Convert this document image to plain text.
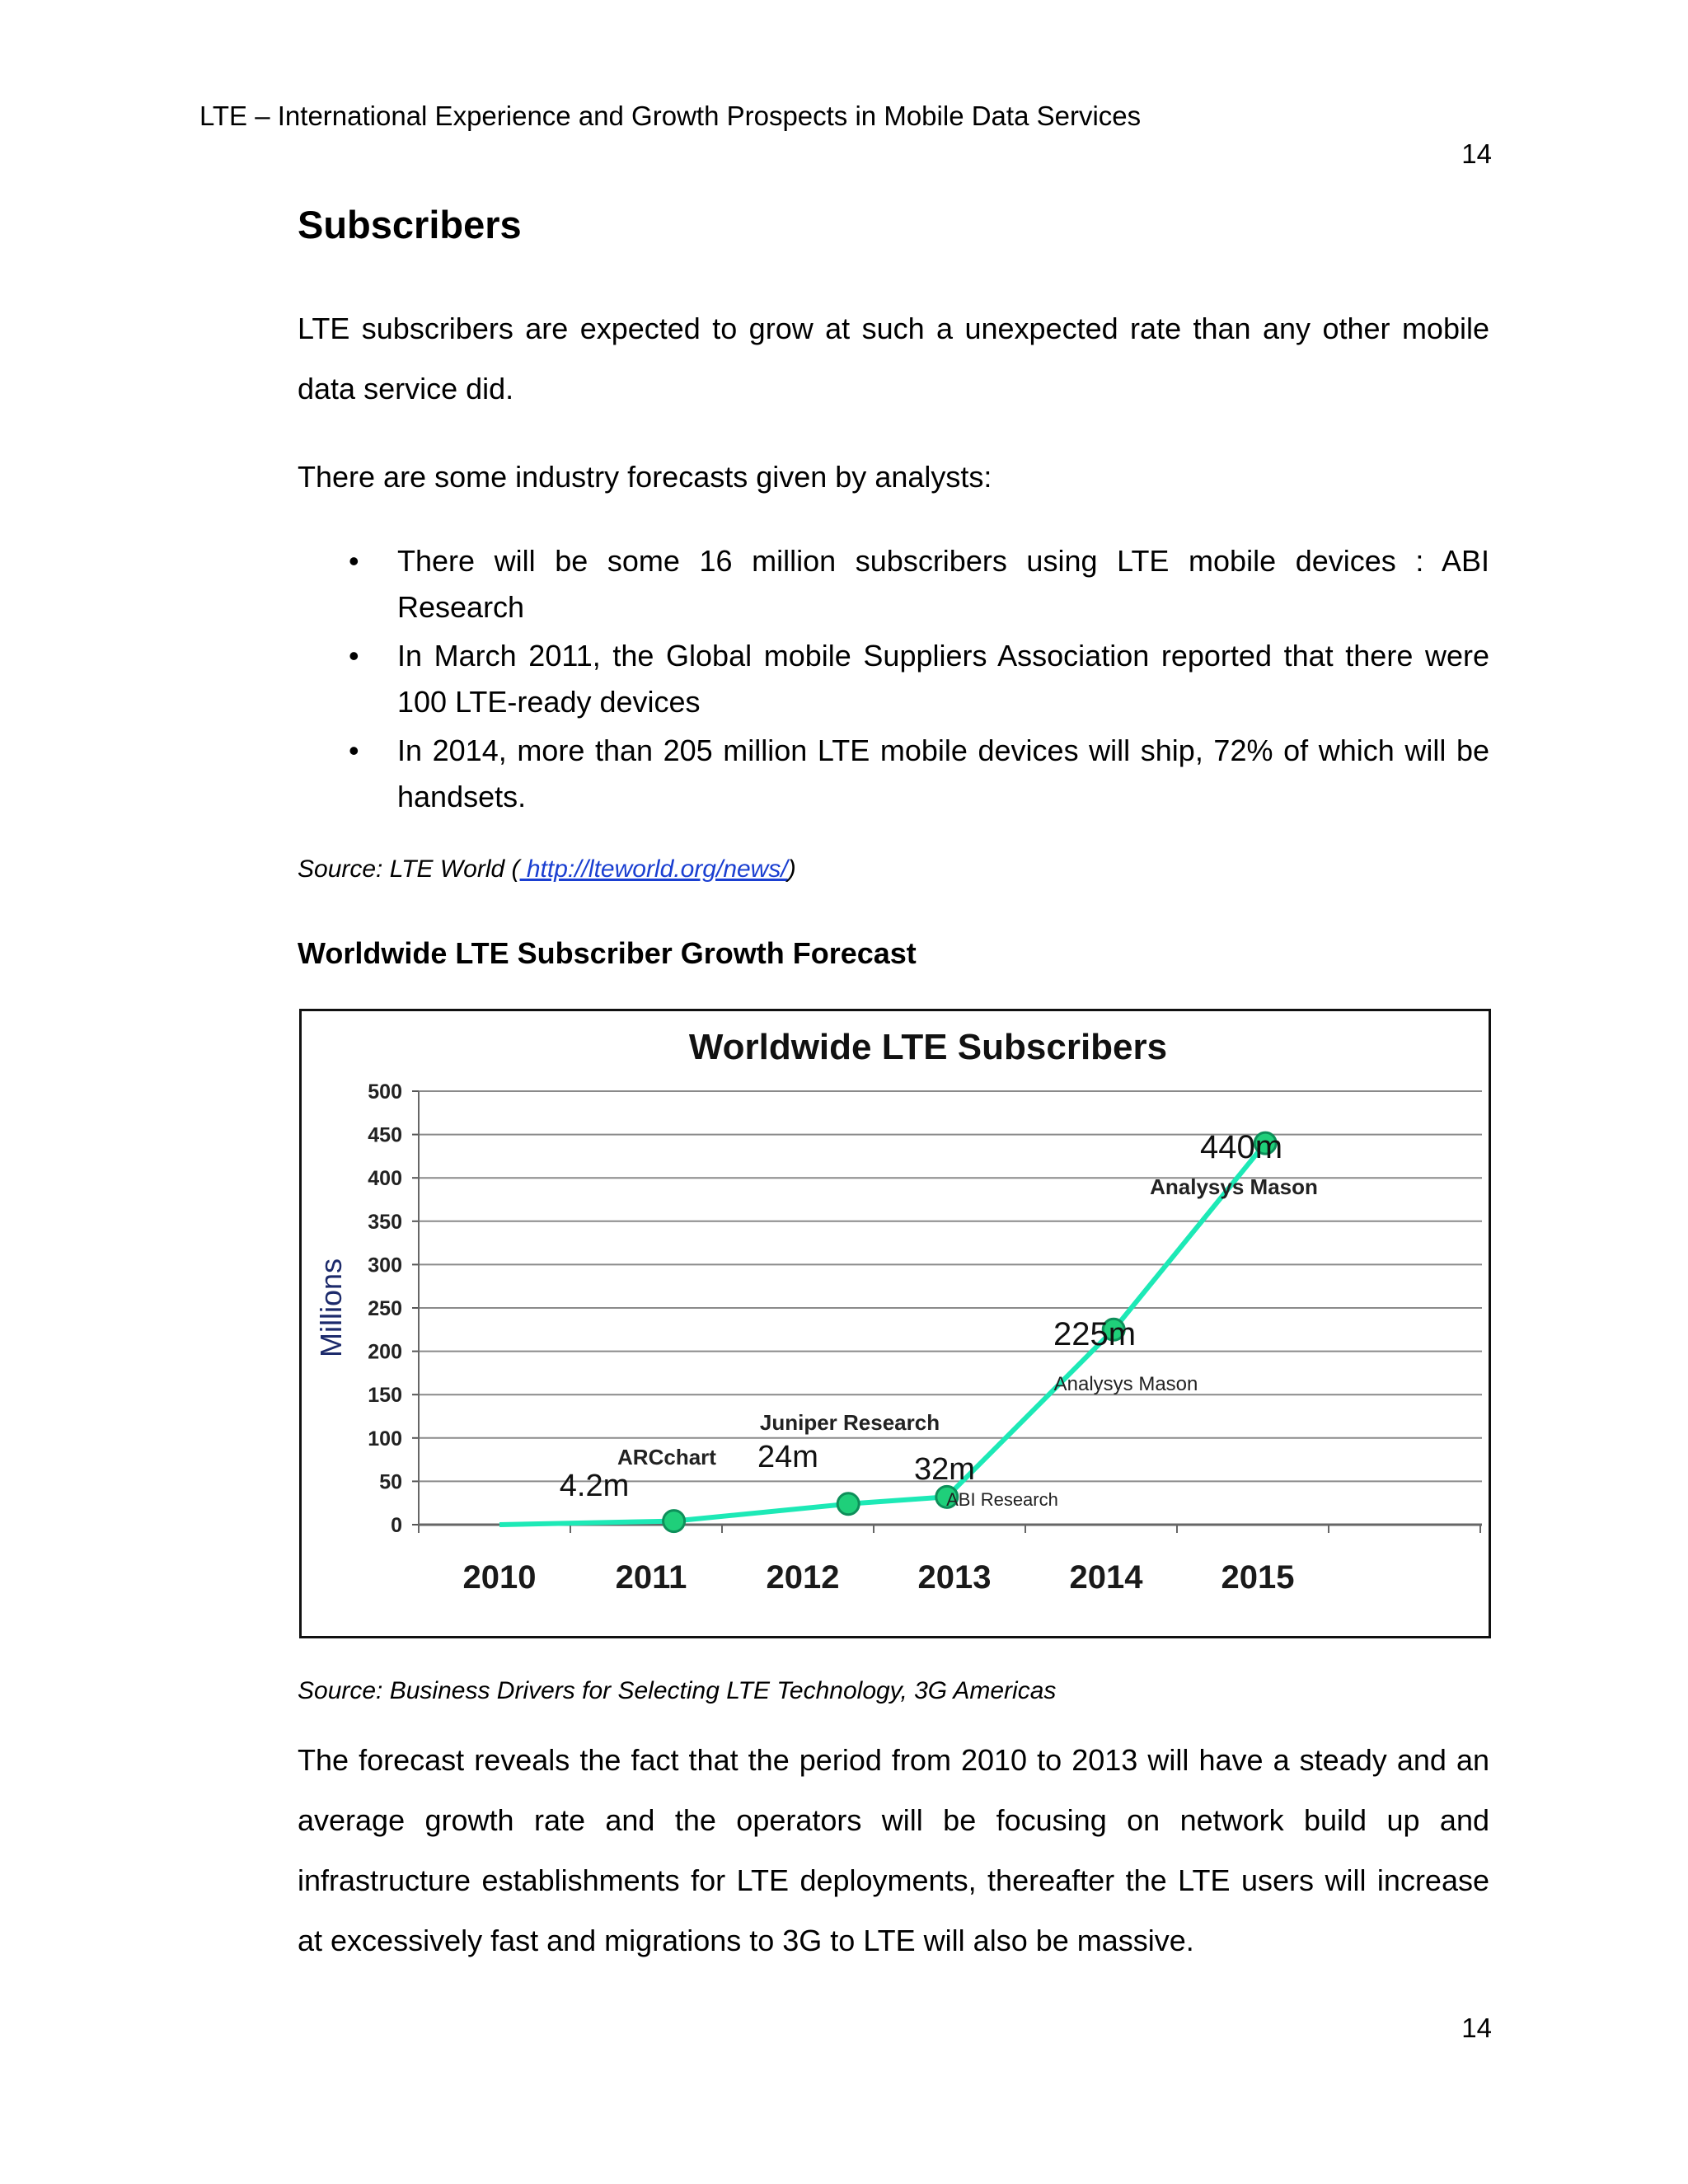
LTE – International Experience and Growth Prospects in Mobile Data Services
14
Subscribers

LTE subscribers are expected to grow at such a unexpected rate than any other mobile data service did.

There are some industry forecasts given by analysts:

• There will be some 16 million subscribers using LTE mobile devices : ABI Research
• In March 2011, the Global mobile Suppliers Association reported that there were 100 LTE-ready devices
• In 2014, more than 205 million LTE mobile devices will ship, 72% of which will be handsets.
Source: LTE World ( http://lteworld.org/news/)
Worldwide LTE Subscriber Growth Forecast
Worldwide LTE Subscribers
0
50
100
150
200
250
300
350
400
450
500
2010 2011 2012 2013 2014 2015
Millions
4.2m
ARCchart 24m
Juniper Research
32m
ABI Research
225m
Analysys Mason
440m
Analysys Mason
Source: Business Drivers for Selecting LTE Technology, 3G Americas

The forecast reveals the fact that the period from 2010 to 2013 will have a steady and an average growth rate and the operators will be focusing on network build up and infrastructure establishments for LTE deployments, thereafter the LTE users will increase at excessively fast and migrations to 3G to LTE will also be massive.

14
